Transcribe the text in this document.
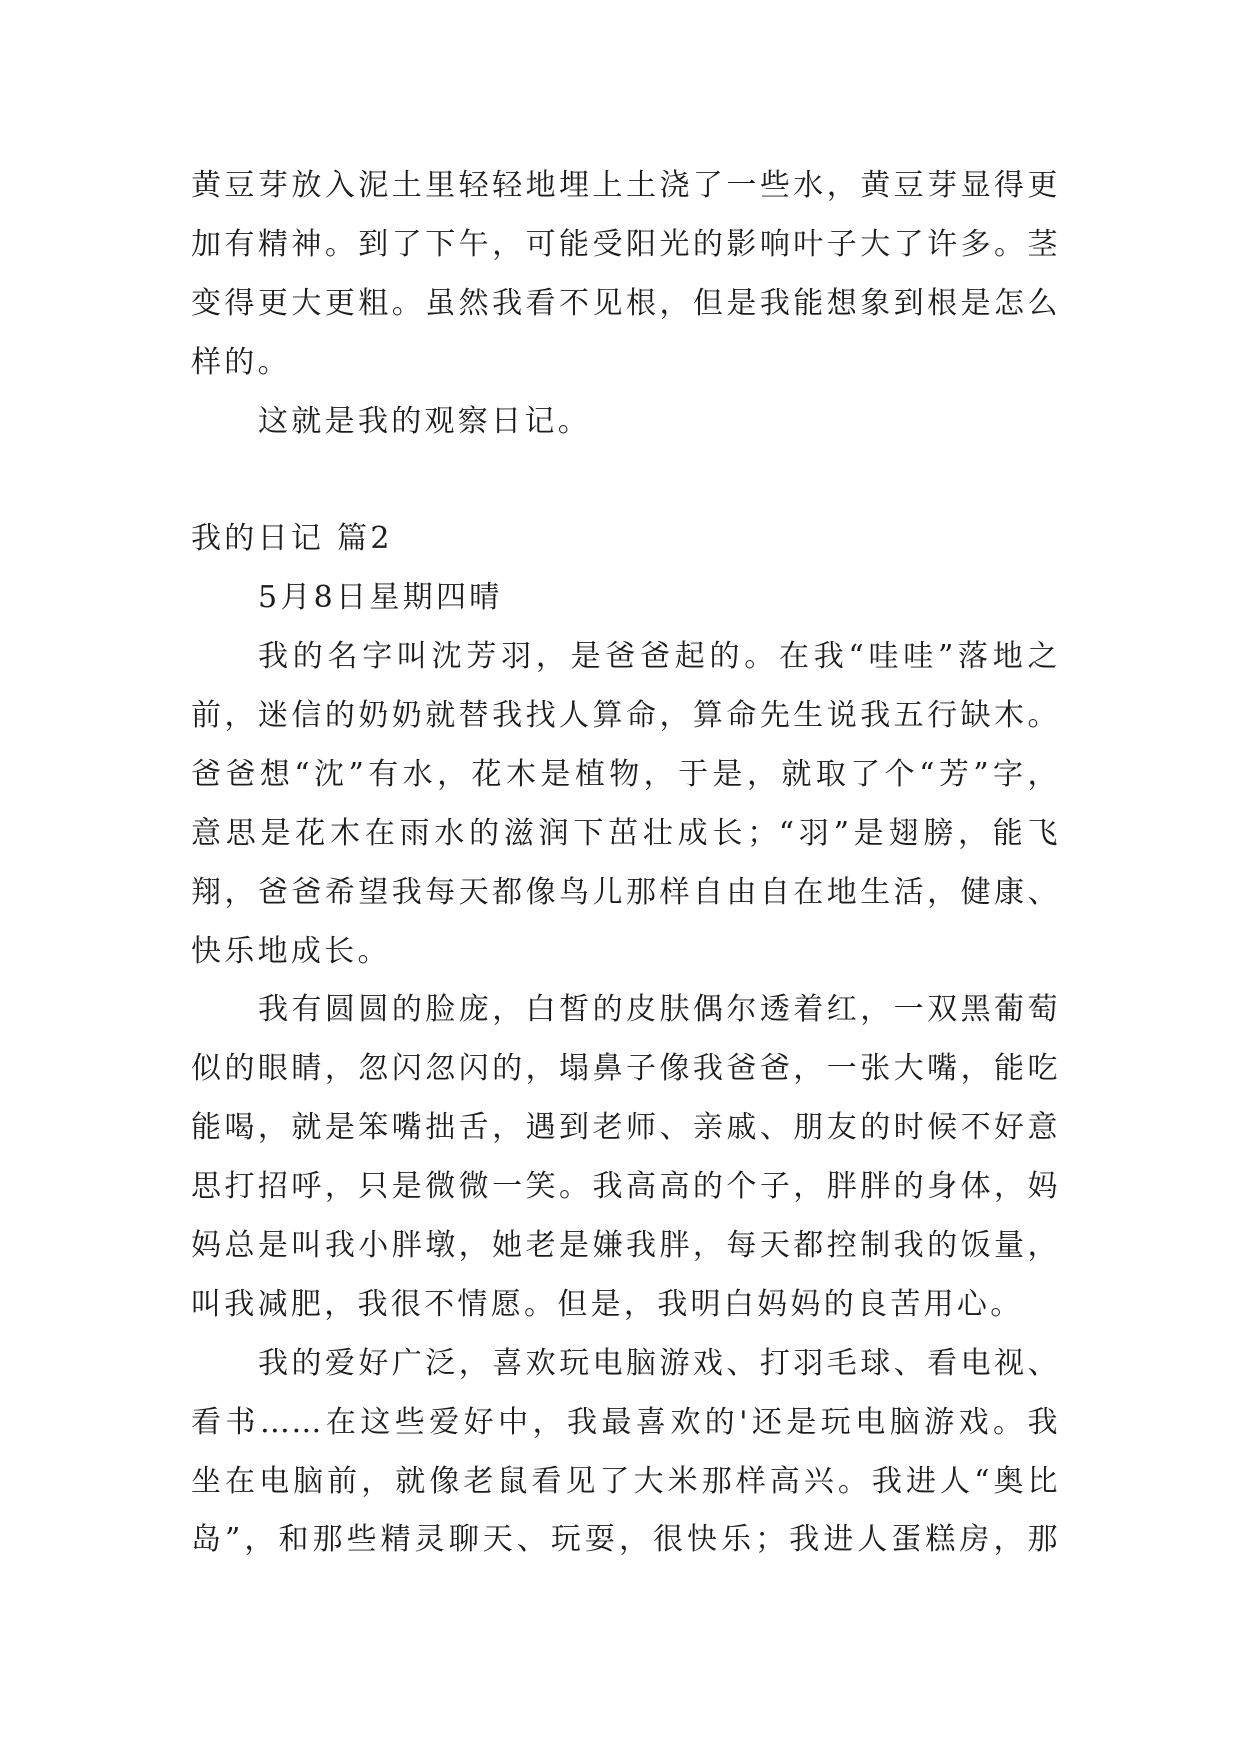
黄豆芽放入泥土里轻轻地埋上土浇了一些水，黄豆芽显得更
加有精神。到了下午，可能受阳光的影响叶子大了许多。茎
变得更大更粗。虽然我看不见根，但是我能想象到根是怎么
样的。
这就是我的观察日记。
我的日记 篇2
5月8日星期四晴
我的名字叫沈芳羽，是爸爸起的。在我“哇哇”落地之
前，迷信的奶奶就替我找人算命，算命先生说我五行缺木。
爸爸想“沈”有水，花木是植物，于是，就取了个“芳”字，
意思是花木在雨水的滋润下茁壮成长；“羽”是翅膀，能飞
翔，爸爸希望我每天都像鸟儿那样自由自在地生活，健康、
快乐地成长。
我有圆圆的脸庞，白皙的皮肤偶尔透着红，一双黑葡萄
似的眼睛，忽闪忽闪的，塌鼻子像我爸爸，一张大嘴，能吃
能喝，就是笨嘴拙舌，遇到老师、亲戚、朋友的时候不好意
思打招呼，只是微微一笑。我高高的个子，胖胖的身体，妈
妈总是叫我小胖墩，她老是嫌我胖，每天都控制我的饭量，
叫我减肥，我很不情愿。但是，我明白妈妈的良苦用心。
我的爱好广泛，喜欢玩电脑游戏、打羽毛球、看电视、
看书……在这些爱好中，我最喜欢的'还是玩电脑游戏。我
坐在电脑前，就像老鼠看见了大米那样高兴。我进人“奥比
岛”，和那些精灵聊天、玩耍，很快乐；我进人蛋糕房，那
